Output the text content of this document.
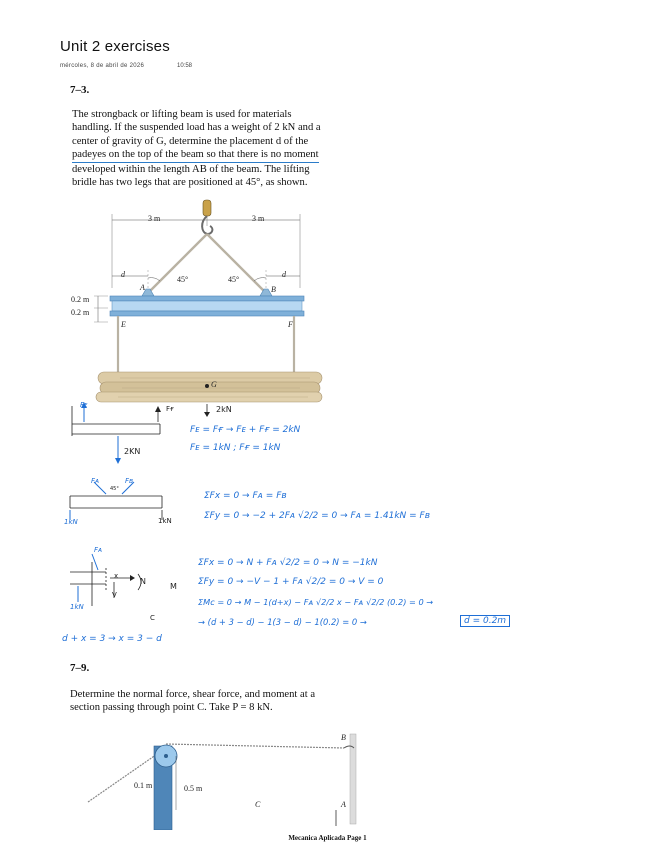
Unit 2 exercises
mércoles, 8 de abril de 2026	10:58
7–3.

The strongback or lifting beam is used for materials

handling. If the suspended load has a weight of 2 kN and a

center of gravity of G, determine the placement d of the

padeyes on the top of the beam so that there is no moment

developed within the length AB of the beam. The lifting

bridle has two legs that are positioned at 45°, as shown.

3 m	3 m
45°	45°
d	d
A	B
0.2 m
0.2 m
E	F
G
Fᴇ	Fғ	2kN
2KN
Fᴇ = Fғ → Fᴇ + Fғ = 2kN
Fᴇ = 1kN ; Fғ = 1kN
Fᴀ	Fʙ
45°
1kN	1kN
ΣFx = 0 → Fᴀ = Fʙ
ΣFy = 0 → −2 + 2Fᴀ √2/2 = 0 → Fᴀ = 1.41kN = Fʙ
Fᴀ
N
V
M
1kN
C
x
ΣFx = 0 → N + Fᴀ √2/2 = 0 → N = −1kN
ΣFy = 0 → −V − 1 + Fᴀ √2/2 = 0 → V = 0
ΣMc = 0 → M − 1(d+x) − Fᴀ √2/2 x − Fᴀ √2/2 (0.2) = 0 →
→ (d + 3 − d) − 1(3 − d) − 1(0.2) = 0 →	d = 0.2m
d + x = 3 → x = 3 − d
7–9.

Determine the normal force, shear force, and moment at a

section passing through point C. Take P = 8 kN.

0.1 m	0.5 m
C	A
B
Mecanica Aplicada Page 1
